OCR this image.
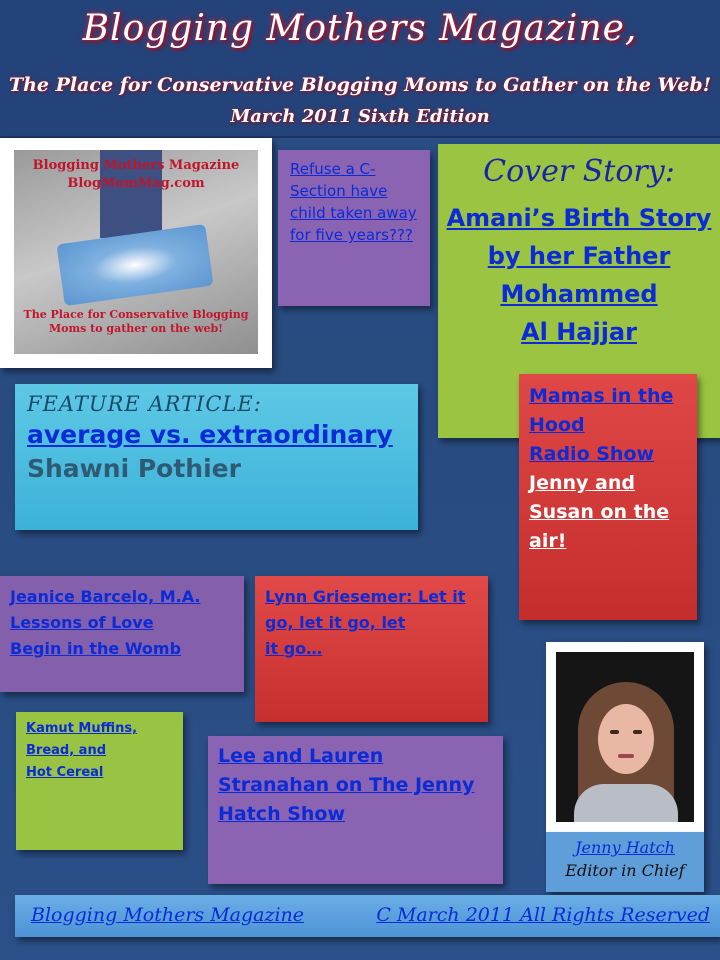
Blogging Mothers Magazine,
The Place for Conservative Blogging Moms to Gather on the Web!
March 2011 Sixth Edition
Blogging Mothers Magazine
BlogMomMag.com
The Place for Conservative Blogging Moms to gather on the web!
Refuse a C-Section have child taken away for five years???
Cover Story:
Amani’s Birth Story
by her Father
Mohammed
Al Hajjar
FEATURE ARTICLE:
average vs. extraordinary
Shawni Pothier
Mamas in the
Hood
Radio Show
Jenny and
Susan on the
air!
Jeanice Barcelo, M.A.
Lessons of Love
Begin in the Womb
Lynn Griesemer: Let it
go, let it go, let
it go…
Kamut Muffins,
Bread, and
Hot Cereal
Lee and Lauren
Stranahan on The Jenny
Hatch Show
Jenny Hatch
Editor in Chief
Blogging Mothers Magazine	C March 2011 All Rights Reserved
